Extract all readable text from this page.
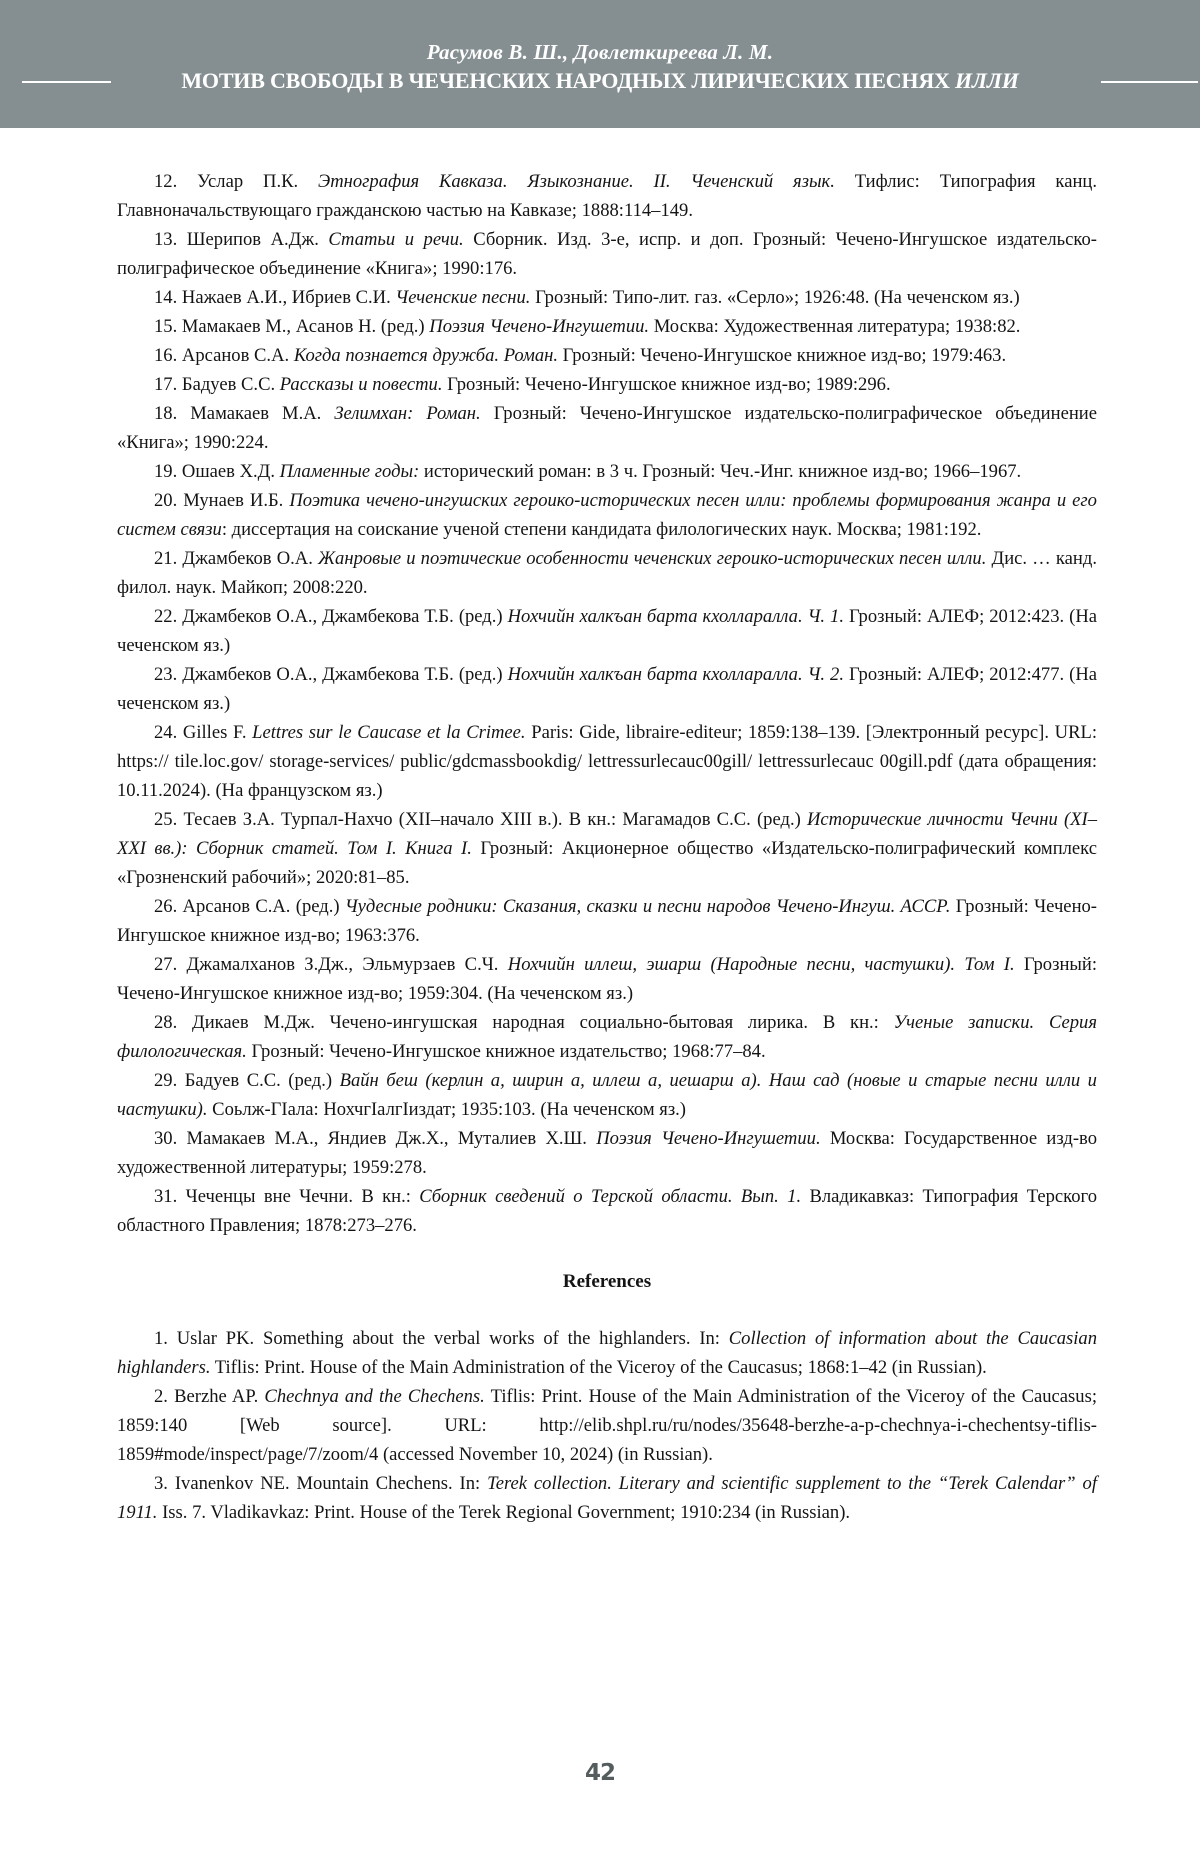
Расумов В. Ш., Довлеткиреева Л. М.
МОТИВ СВОБОДЫ В ЧЕЧЕНСКИХ НАРОДНЫХ ЛИРИЧЕСКИХ ПЕСНЯХ ИЛЛИ

12. Услар П.К. Этнография Кавказа. Языкознание. II. Чеченский язык. Тифлис: Типография канц. Главноначальствующаго гражданскою частью на Кавказе; 1888:114–149.

13. Шерипов А.Дж. Статьи и речи. Сборник. Изд. 3-е, испр. и доп. Грозный: Чечено-Ингушское издательско-полиграфическое объединение «Книга»; 1990:176.

14. Нажаев А.И., Ибриев С.И. Чеченские песни. Грозный: Типо-лит. газ. «Серло»; 1926:48. (На чеченском яз.)

15. Мамакаев М., Асанов Н. (ред.) Поэзия Чечено-Ингушетии. Москва: Художественная литература; 1938:82.

16. Арсанов С.А. Когда познается дружба. Роман. Грозный: Чечено-Ингушское книжное изд-во; 1979:463.

17. Бадуев С.С. Рассказы и повести. Грозный: Чечено-Ингушское книжное изд-во; 1989:296.

18. Мамакаев М.А. Зелимхан: Роман. Грозный: Чечено-Ингушское издательско-полиграфическое объединение «Книга»; 1990:224.

19. Ошаев Х.Д. Пламенные годы: исторический роман: в 3 ч. Грозный: Чеч.-Инг. книжное изд-во; 1966–1967.

20. Мунаев И.Б. Поэтика чечено-ингушских героико-исторических песен илли: проблемы формирования жанра и его систем связи: диссертация на соискание ученой степени кандидата филологических наук. Москва; 1981:192.

21. Джамбеков О.А. Жанровые и поэтические особенности чеченских героико-исторических песен илли. Дис. … канд. филол. наук. Майкоп; 2008:220.

22. Джамбеков О.А., Джамбекова Т.Б. (ред.) Нохчийн халкъан барта кхоллаpалла. Ч. 1. Грозный: АЛЕФ; 2012:423. (На чеченском яз.)

23. Джамбеков О.А., Джамбекова Т.Б. (ред.) Нохчийн халкъан барта кхоллаpалла. Ч. 2. Грозный: АЛЕФ; 2012:477. (На чеченском яз.)

24. Gilles F. Lettres sur le Caucase et la Crimee. Paris: Gide, libraire-editeur; 1859:138–139. [Электронный ресурс]. URL: https:// tile.loc.gov/ storage-services/ public/gdcmassbookdig/ lettressurlecauc00gill/ lettressurlecauc 00gill.pdf (дата обращения: 10.11.2024). (На французском яз.)

25. Тесаев З.А. Турпал-Нахчо (XII–начало XIII в.). В кн.: Магамадов С.С. (ред.) Исторические личности Чечни (XI–XXI вв.): Сборник статей. Том I. Книга I. Грозный: Акционерное общество «Издательско-полиграфический комплекс «Грозненский рабочий»; 2020:81–85.

26. Арсанов С.А. (ред.) Чудесные родники: Сказания, сказки и песни народов Чечено-Ингуш. АССР. Грозный: Чечено-Ингушское книжное изд-во; 1963:376.

27. Джамалханов З.Дж., Эльмурзаев С.Ч. Нохчийн иллеш, эшарш (Народные песни, частушки). Том I. Грозный: Чечено-Ингушское книжное изд-во; 1959:304. (На чеченском яз.)

28. Дикаев М.Дж. Чечено-ингушская народная социально-бытовая лирика. В кн.: Ученые записки. Серия филологическая. Грозный: Чечено-Ингушское книжное издательство; 1968:77–84.

29. Бадуев С.С. (ред.) Вайн беш (керлин а, ширин а, иллеш а, иешарш а). Наш сад (новые и старые песни илли и частушки). Соьлж-ГIала: НохчгIалгIиздат; 1935:103. (На чеченском яз.)

30. Мамакаев М.А., Яндиев Дж.Х., Муталиев Х.Ш. Поэзия Чечено-Ингушетии. Москва: Государственное изд-во художественной литературы; 1959:278.

31. Чеченцы вне Чечни. В кн.: Сборник сведений о Терской области. Вып. 1. Владикавказ: Типография Терского областного Правления; 1878:273–276.

References

1. Uslar PK. Something about the verbal works of the highlanders. In: Collection of information about the Caucasian highlanders. Tiflis: Print. House of the Main Administration of the Viceroy of the Caucasus; 1868:1–42 (in Russian).

2. Berzhe AP. Chechnya and the Chechens. Tiflis: Print. House of the Main Administration of the Viceroy of the Caucasus; 1859:140 [Web source]. URL: http://elib.shpl.ru/ru/nodes/35648-berzhe-a-p-chechnya-i-chechentsy-tiflis-1859#mode/inspect/page/7/zoom/4 (accessed November 10, 2024) (in Russian).

3. Ivanenkov NE. Mountain Chechens. In: Terek collection. Literary and scientific supplement to the “Terek Calendar” of 1911. Iss. 7. Vladikavkaz: Print. House of the Terek Regional Government; 1910:234 (in Russian).

42
